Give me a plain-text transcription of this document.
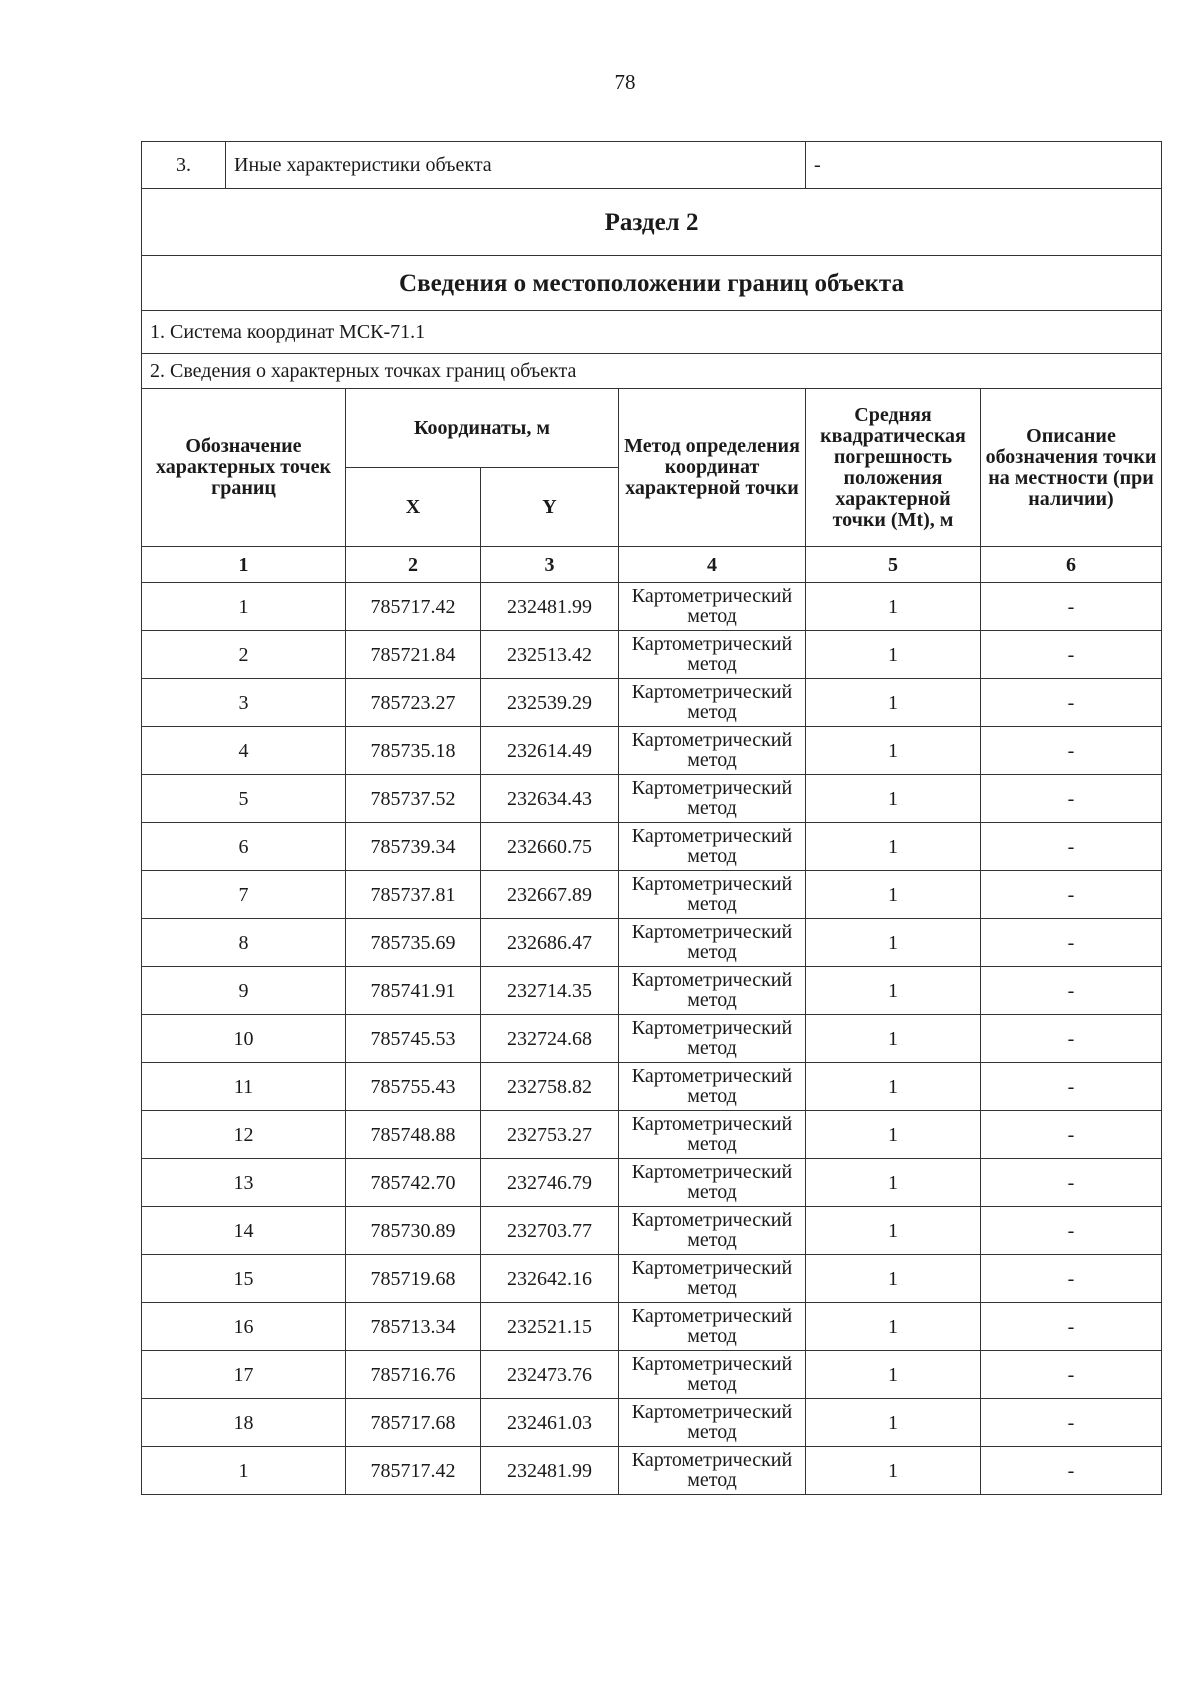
78
3.	Иные характеристики объекта				-	
Раздел 2						
Сведения о местоположении границ объекта						
1. Система координат МСК-71.1						
2. Сведения о характерных точках границ объекта						
Обозначение характерных точек границ		Координаты, м		Метод определения координат характерной точки	Средняя квадратическая погрешность положения характерной точки (Mt), м	Описание обозначения точки на местности (при наличии)
		X	Y			
1		2	3	4	5	6
1		785717.42	232481.99	Картометрический метод	1	-
2		785721.84	232513.42	Картометрический метод	1	-
3		785723.27	232539.29	Картометрический метод	1	-
4		785735.18	232614.49	Картометрический метод	1	-
5		785737.52	232634.43	Картометрический метод	1	-
6		785739.34	232660.75	Картометрический метод	1	-
7		785737.81	232667.89	Картометрический метод	1	-
8		785735.69	232686.47	Картометрический метод	1	-
9		785741.91	232714.35	Картометрический метод	1	-
10		785745.53	232724.68	Картометрический метод	1	-
11		785755.43	232758.82	Картометрический метод	1	-
12		785748.88	232753.27	Картометрический метод	1	-
13		785742.70	232746.79	Картометрический метод	1	-
14		785730.89	232703.77	Картометрический метод	1	-
15		785719.68	232642.16	Картометрический метод	1	-
16		785713.34	232521.15	Картометрический метод	1	-
17		785716.76	232473.76	Картометрический метод	1	-
18		785717.68	232461.03	Картометрический метод	1	-
1		785717.42	232481.99	Картометрический метод	1	-
